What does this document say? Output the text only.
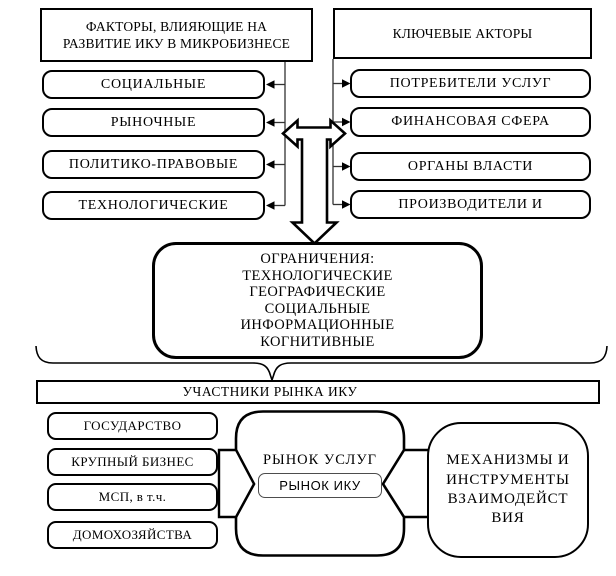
ФАКТОРЫ, ВЛИЯЮЩИЕ НА
РАЗВИТИЕ ИКУ В МИКРОБИЗНЕСЕ
СОЦИАЛЬНЫЕ
РЫНОЧНЫЕ
ПОЛИТИКО-ПРАВОВЫЕ
ТЕХНОЛОГИЧЕСКИЕ
КЛЮЧЕВЫЕ АКТОРЫ
ПОТРЕБИТЕЛИ УСЛУГ
ФИНАНСОВАЯ СФЕРА
ОРГАНЫ ВЛАСТИ
ПРОИЗВОДИТЕЛИ И
ОГРАНИЧЕНИЯ:
ТЕХНОЛОГИЧЕСКИЕ
ГЕОГРАФИЧЕСКИЕ
СОЦИАЛЬНЫЕ
ИНФОРМАЦИОННЫЕ
КОГНИТИВНЫЕ
УЧАСТНИКИ РЫНКА ИКУ
ГОСУДАРСТВО
КРУПНЫЙ БИЗНЕС
МСП, в т.ч.
ДОМОХОЗЯЙСТВА
РЫНОК УСЛУГ
РЫНОК ИКУ
МЕХАНИЗМЫ И
ИНСТРУМЕНТЫ
ВЗАИМОДЕЙСТ
ВИЯ
